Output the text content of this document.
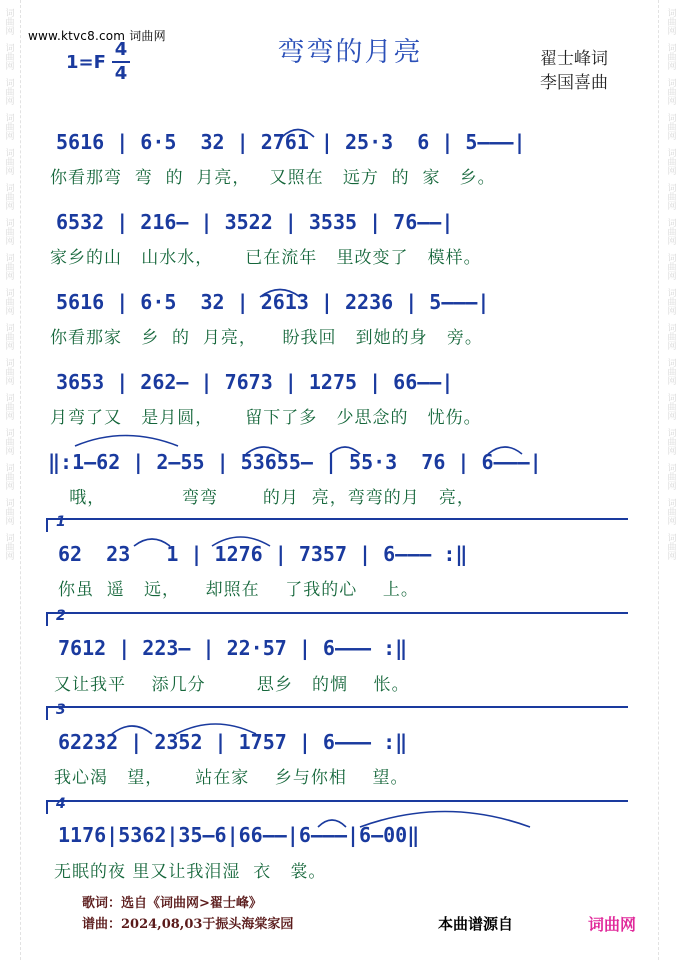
词曲网
词曲网
词曲网
词曲网
词曲网
词曲网
词曲网
词曲网
词曲网
词曲网
词曲网
词曲网
词曲网
词曲网
词曲网
词曲网
词曲网
词曲网
词曲网
词曲网
词曲网
词曲网
词曲网
词曲网
词曲网
词曲网
词曲网
词曲网
词曲网
词曲网
词曲网
词曲网
www.ktvc8.com 词曲网
1=F
4
4
弯弯的月亮	翟士峰词
李国喜曲
5616 | 6·5  32 | 2761 | 25·3  6 | 5———|
你看那弯  弯  的  月亮，   又照在   远方  的  家   乡。
6532 | 216— | 3522 | 3535 | 76——|
家乡的山   山水水，     已在流年   里改变了   模样。
5616 | 6·5  32 | 2613 | 2236 | 5———|
你看那家   乡  的  月亮，    盼我回   到她的身   旁。
3653 | 262— | 7673 | 1275 | 66——|
月弯了又   是月圆，     留下了多   少思念的   忧伤。
‖:1—62 | 2—55 | 53655— | 55·3  76 | 6———|
哦，            弯弯       的月  亮，弯弯的月   亮，
1
62  23   1 | 1276 | 7357 | 6——— :‖
你虽  遥   远，    却照在    了我的心    上。
2
7612 | 223— | 22·57 | 6——— :‖
又让我平    添几分        思乡   的惆    怅。
3
62232 | 2352 | 1757 | 6——— :‖
我心渴   望，     站在家    乡与你相    望。
4
1176|5362|35—6|66——|6———|6—00‖
无眠的夜 里又让我泪湿  衣   裳。
歌词：选自《词曲网>翟士峰》
谱曲：2024,08,03于振头海棠家园	本曲谱源自	词曲网
